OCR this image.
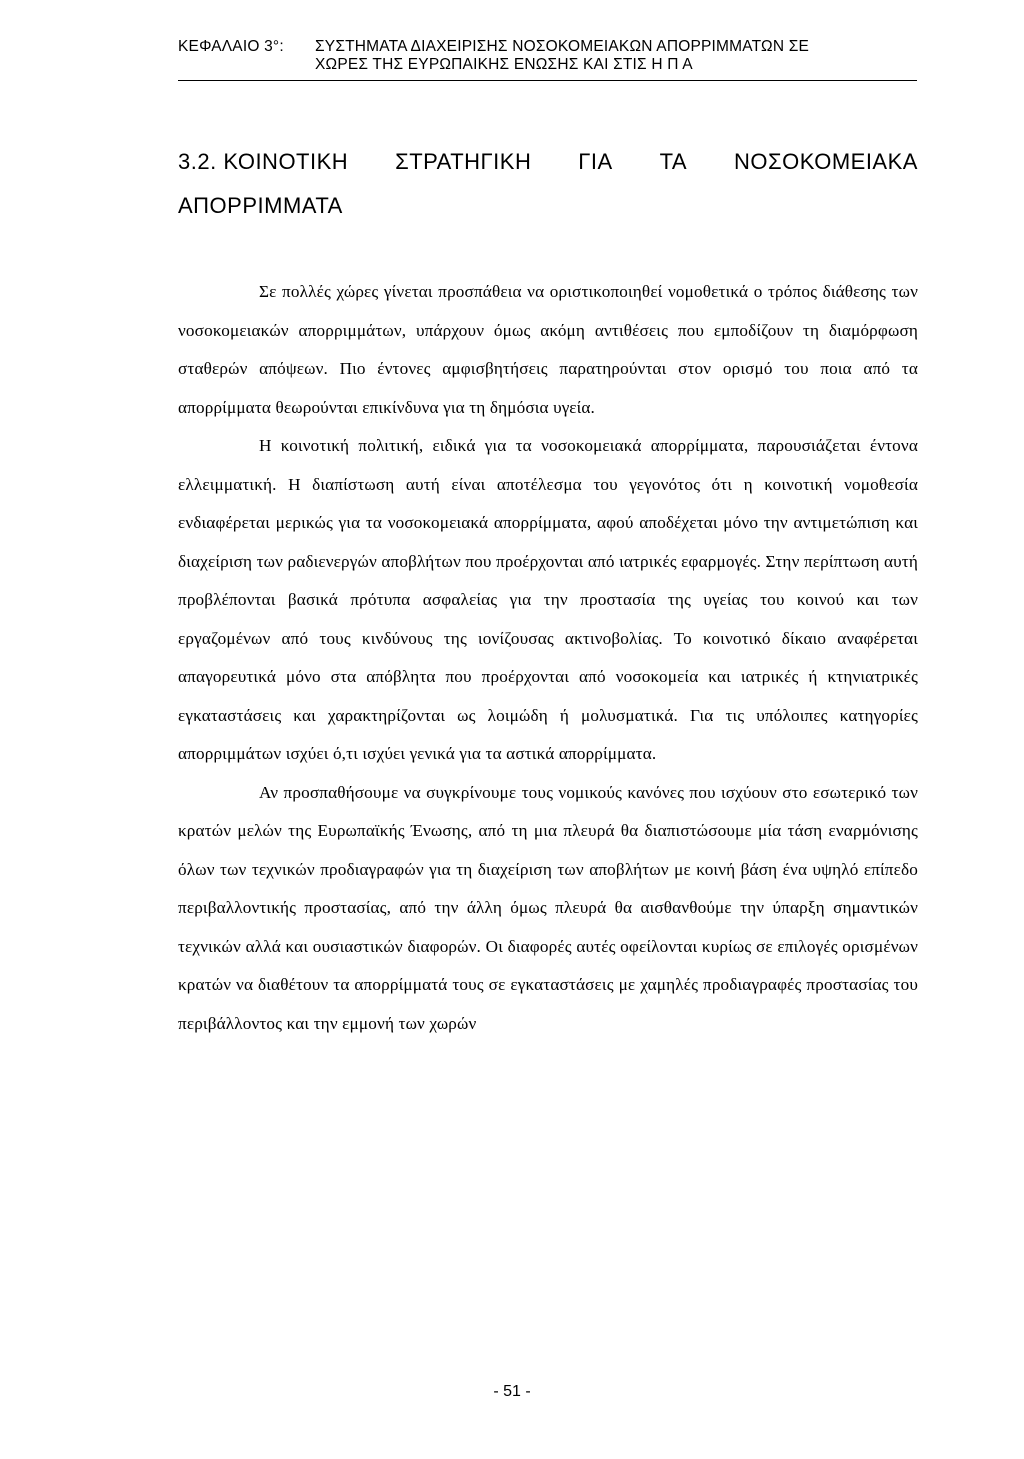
ΚΕΦΑΛΑΙΟ 3°: ΣΥΣΤΗΜΑΤΑ ΔΙΑΧΕΙΡΙΣΗΣ ΝΟΣΟΚΟΜΕΙΑΚΩΝ ΑΠΟΡΡΙΜΜΑΤΩΝ ΣΕ
ΧΩΡΕΣ ΤΗΣ ΕΥΡΩΠΑΙΚΗΣ ΕΝΩΣΗΣ ΚΑΙ ΣΤΙΣ Η Π Α
3.2. ΚΟΙΝΟΤΙΚΗ ΣΤΡΑΤΗΓΙΚΗ ΓΙΑ ΤΑ ΝΟΣΟΚΟΜΕΙΑΚΑ
ΑΠΟΡΡΙΜΜΑΤΑ

Σε πολλές χώρες γίνεται προσπάθεια να οριστικοποιηθεί νομοθετικά ο τρόπος διάθεσης των νοσοκομειακών απορριμμάτων, υπάρχουν όμως ακόμη αντιθέσεις που εμποδίζουν τη διαμόρφωση σταθερών απόψεων. Πιο έντονες αμφισβητήσεις παρατηρούνται στον ορισμό του ποια από τα απορρίμματα θεωρούνται επικίνδυνα για τη δημόσια υγεία.

Η κοινοτική πολιτική, ειδικά για τα νοσοκομειακά απορρίμματα, παρουσιάζεται έντονα ελλειμματική. Η διαπίστωση αυτή είναι αποτέλεσμα του γεγονότος ότι η κοινοτική νομοθεσία ενδιαφέρεται μερικώς για τα νοσοκομειακά απορρίμματα, αφού αποδέχεται μόνο την αντιμετώπιση και διαχείριση των ραδιενεργών αποβλήτων που προέρχονται από ιατρικές εφαρμογές. Στην περίπτωση αυτή προβλέπονται βασικά πρότυπα ασφαλείας για την προστασία της υγείας του κοινού και των εργαζομένων από τους κινδύνους της ιονίζουσας ακτινοβολίας. Το κοινοτικό δίκαιο αναφέρεται απαγορευτικά μόνο στα απόβλητα που προέρχονται από νοσοκομεία και ιατρικές ή κτηνιατρικές εγκαταστάσεις και χαρακτηρίζονται ως λοιμώδη ή μολυσματικά. Για τις υπόλοιπες κατηγορίες απορριμμάτων ισχύει ό,τι ισχύει γενικά για τα αστικά απορρίμματα.

Αν προσπαθήσουμε να συγκρίνουμε τους νομικούς κανόνες που ισχύουν στο εσωτερικό των κρατών μελών της Ευρωπαϊκής Ένωσης, από τη μια πλευρά θα διαπιστώσουμε μία τάση εναρμόνισης όλων των τεχνικών προδιαγραφών για τη διαχείριση των αποβλήτων με κοινή βάση ένα υψηλό επίπεδο περιβαλλοντικής προστασίας, από την άλλη όμως πλευρά θα αισθανθούμε την ύπαρξη σημαντικών τεχνικών αλλά και ουσιαστικών διαφορών. Οι διαφορές αυτές οφείλονται κυρίως σε επιλογές ορισμένων κρατών να διαθέτουν τα απορρίμματά τους σε εγκαταστάσεις με χαμηλές προδιαγραφές προστασίας του περιβάλλοντος και την εμμονή των χωρών

- 51 -
